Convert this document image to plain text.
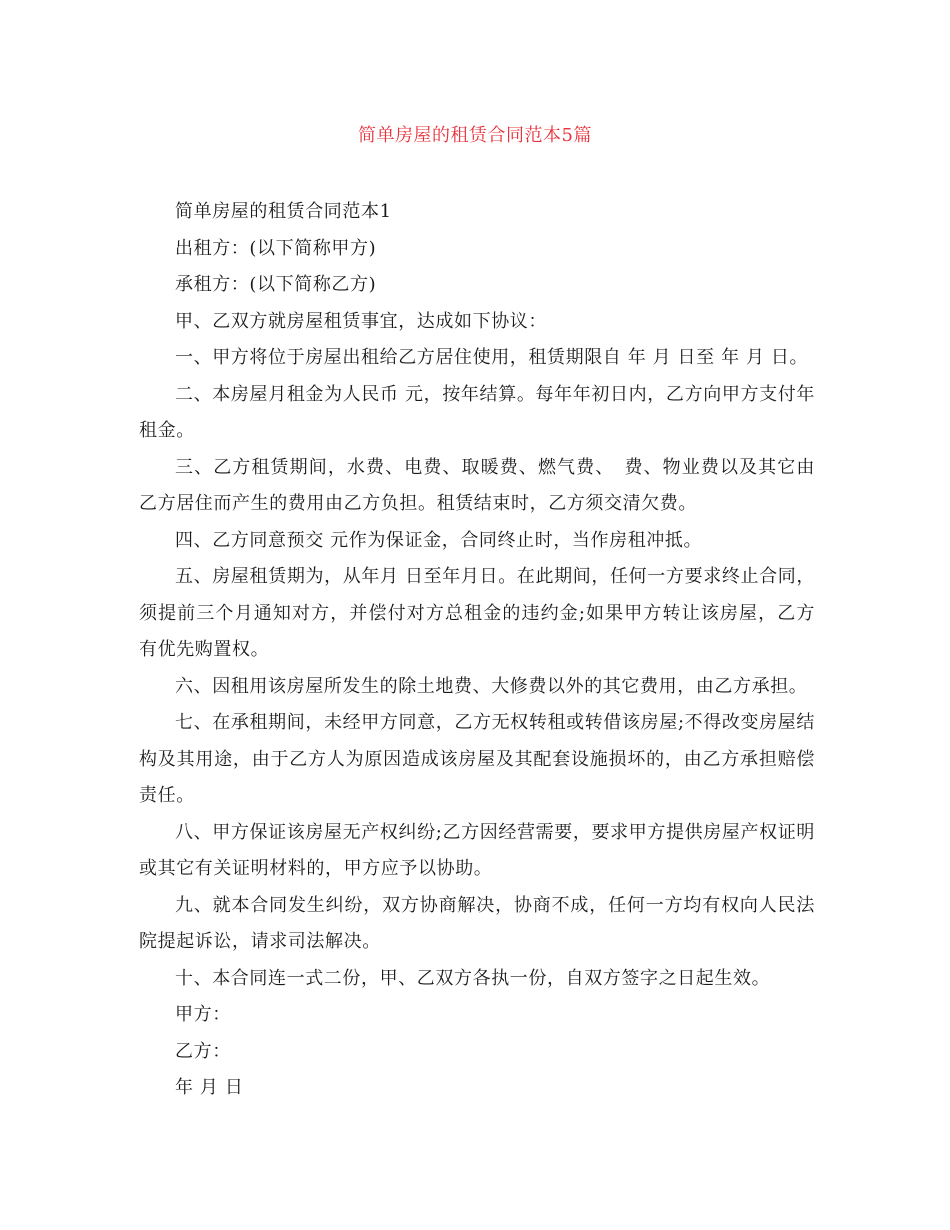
简单房屋的租赁合同范本5篇

简单房屋的租赁合同范本1

出租方：(以下简称甲方)

承租方：(以下简称乙方)

甲、乙双方就房屋租赁事宜，达成如下协议：

一、甲方将位于房屋出租给乙方居住使用，租赁期限自 年 月 日至 年 月 日。

二、本房屋月租金为人民币 元，按年结算。每年年初日内，乙方向甲方支付年租金。

三、乙方租赁期间，水费、电费、取暖费、燃气费、　费、物业费以及其它由乙方居住而产生的费用由乙方负担。租赁结束时，乙方须交清欠费。

四、乙方同意预交 元作为保证金，合同终止时，当作房租冲抵。

五、房屋租赁期为，从年月 日至年月日。在此期间，任何一方要求终止合同，须提前三个月通知对方，并偿付对方总租金的违约金;如果甲方转让该房屋，乙方有优先购置权。

六、因租用该房屋所发生的除土地费、大修费以外的其它费用，由乙方承担。

七、在承租期间，未经甲方同意，乙方无权转租或转借该房屋;不得改变房屋结构及其用途，由于乙方人为原因造成该房屋及其配套设施损坏的，由乙方承担赔偿责任。

八、甲方保证该房屋无产权纠纷;乙方因经营需要，要求甲方提供房屋产权证明或其它有关证明材料的，甲方应予以协助。

九、就本合同发生纠纷，双方协商解决，协商不成，任何一方均有权向人民法院提起诉讼，请求司法解决。

十、本合同连一式二份，甲、乙双方各执一份，自双方签字之日起生效。

甲方：

乙方：

年 月 日
